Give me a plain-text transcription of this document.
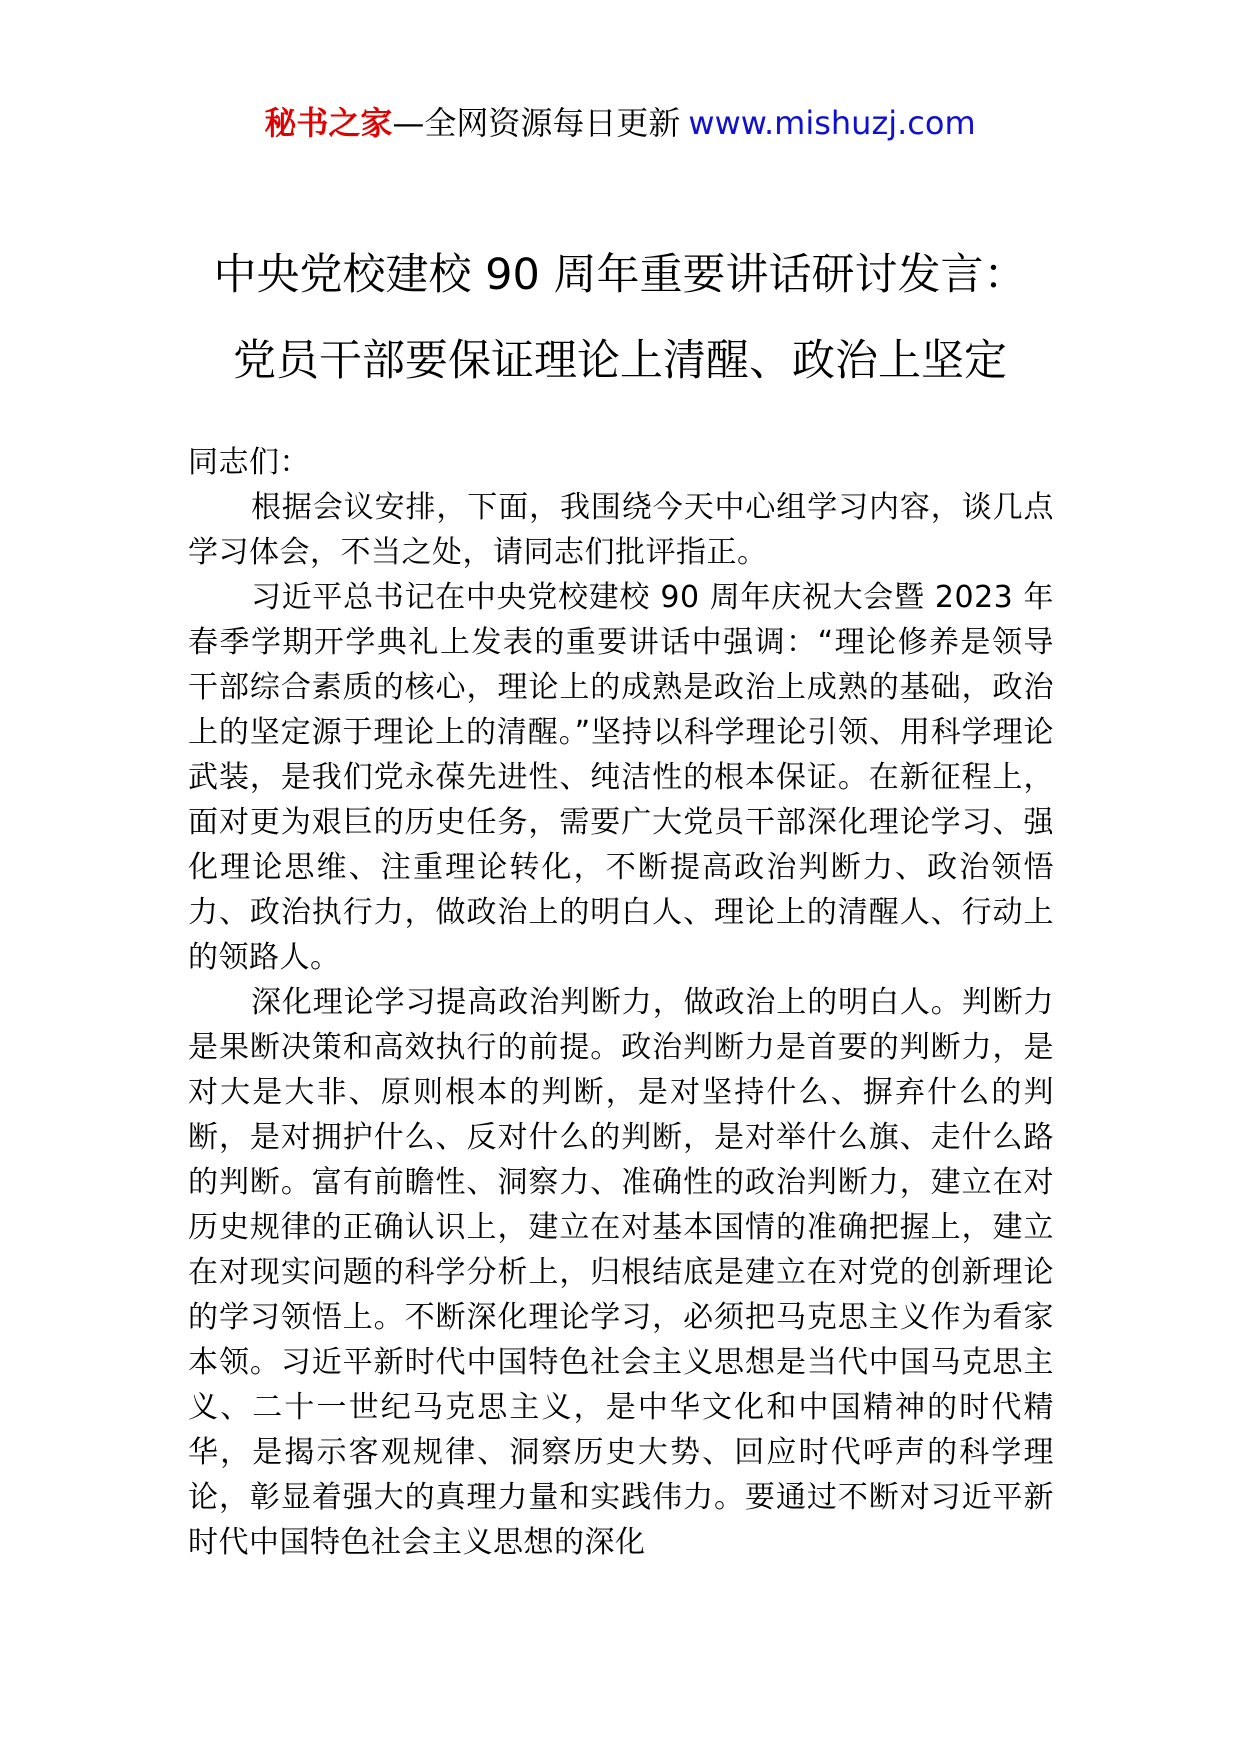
秘书之家—全网资源每日更新 www.mishuzj.com
中央党校建校 90 周年重要讲话研讨发言：
党员干部要保证理论上清醒、政治上坚定

同志们：

根据会议安排，下面，我围绕今天中心组学习内容，谈几点学习体会，不当之处，请同志们批评指正。

习近平总书记在中央党校建校 90 周年庆祝大会暨 2023 年春季学期开学典礼上发表的重要讲话中强调：“理论修养是领导干部综合素质的核心，理论上的成熟是政治上成熟的基础，政治上的坚定源于理论上的清醒。”坚持以科学理论引领、用科学理论武装，是我们党永葆先进性、纯洁性的根本保证。在新征程上，面对更为艰巨的历史任务，需要广大党员干部深化理论学习、强化理论思维、注重理论转化，不断提高政治判断力、政治领悟力、政治执行力，做政治上的明白人、理论上的清醒人、行动上的领路人。

深化理论学习提高政治判断力，做政治上的明白人。判断力是果断决策和高效执行的前提。政治判断力是首要的判断力，是对大是大非、原则根本的判断，是对坚持什么、摒弃什么的判断，是对拥护什么、反对什么的判断，是对举什么旗、走什么路的判断。富有前瞻性、洞察力、准确性的政治判断力，建立在对历史规律的正确认识上，建立在对基本国情的准确把握上，建立在对现实问题的科学分析上，归根结底是建立在对党的创新理论的学习领悟上。不断深化理论学习，必须把马克思主义作为看家本领。习近平新时代中国特色社会主义思想是当代中国马克思主义、二十一世纪马克思主义，是中华文化和中国精神的时代精华，是揭示客观规律、洞察历史大势、回应时代呼声的科学理论，彰显着强大的真理力量和实践伟力。要通过不断对习近平新时代中国特色社会主义思想的深化
